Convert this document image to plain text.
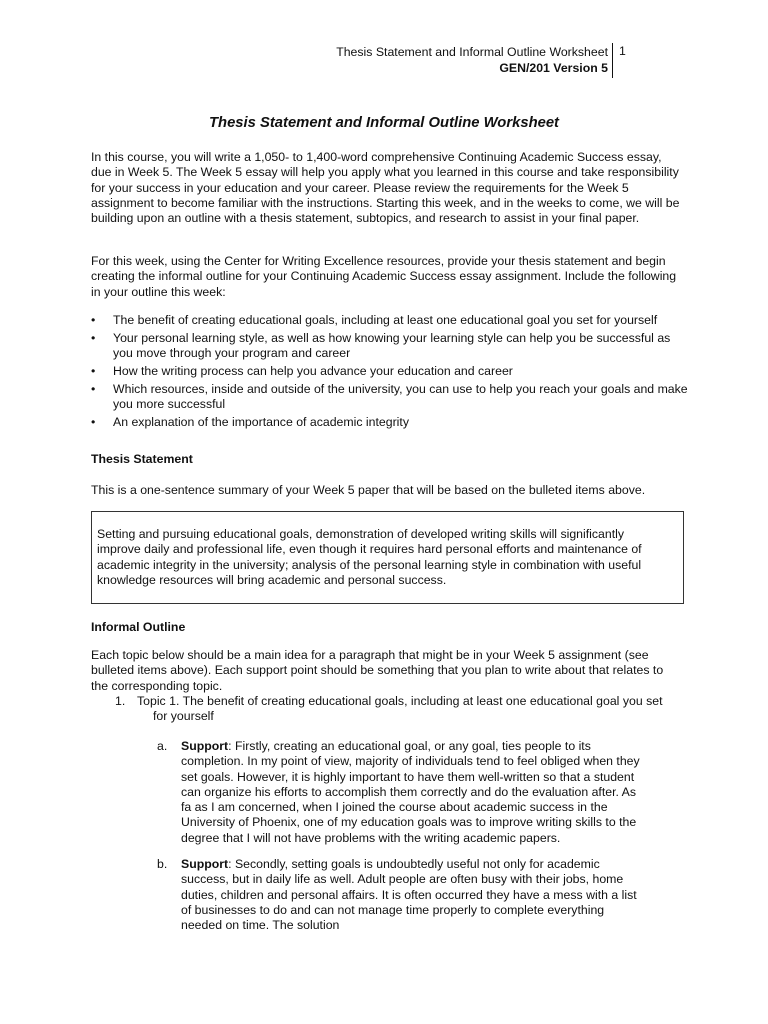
Thesis Statement and Informal Outline Worksheet
GEN/201 Version 5
1
Thesis Statement and Informal Outline Worksheet

In this course, you will write a 1,050- to 1,400-word comprehensive Continuing Academic Success essay, due in Week 5. The Week 5 essay will help you apply what you learned in this course and take responsibility for your success in your education and your career. Please review the requirements for the Week 5 assignment to become familiar with the instructions. Starting this week, and in the weeks to come, we will be building upon an outline with a thesis statement, subtopics, and research to assist in your final paper.

For this week, using the Center for Writing Excellence resources, provide your thesis statement and begin creating the informal outline for your Continuing Academic Success essay assignment. Include the following in your outline this week:

• The benefit of creating educational goals, including at least one educational goal you set for yourself
• Your personal learning style, as well as how knowing your learning style can help you be successful as you move through your program and career
• How the writing process can help you advance your education and career
• Which resources, inside and outside of the university, you can use to help you reach your goals and make you more successful
• An explanation of the importance of academic integrity
Thesis Statement

This is a one-sentence summary of your Week 5 paper that will be based on the bulleted items above.

Setting and pursuing educational goals, demonstration of developed writing skills will significantly improve daily and professional life, even though it requires hard personal efforts and maintenance of academic integrity in the university; analysis of the personal learning style in combination with useful knowledge resources will bring academic and personal success.
Informal Outline

Each topic below should be a main idea for a paragraph that might be in your Week 5 assignment (see bulleted items above). Each support point should be something that you plan to write about that relates to the corresponding topic.

1. Topic 1. The benefit of creating educational goals, including at least one educational goal you set
for yourself
a. Support: Firstly, creating an educational goal, or any goal, ties people to its completion. In my point of view, majority of individuals tend to feel obliged when they set goals. However, it is highly important to have them well-written so that a student can organize his efforts to accomplish them correctly and do the evaluation after. As fa as I am concerned, when I joined the course about academic success in the University of Phoenix, one of my education goals was to improve writing skills to the degree that I will not have problems with the writing academic papers.
b. Support: Secondly, setting goals is undoubtedly useful not only for academic success, but in daily life as well. Adult people are often busy with their jobs, home duties, children and personal affairs. It is often occurred they have a mess with a list of businesses to do and can not manage time properly to complete everything needed on time. The solution
